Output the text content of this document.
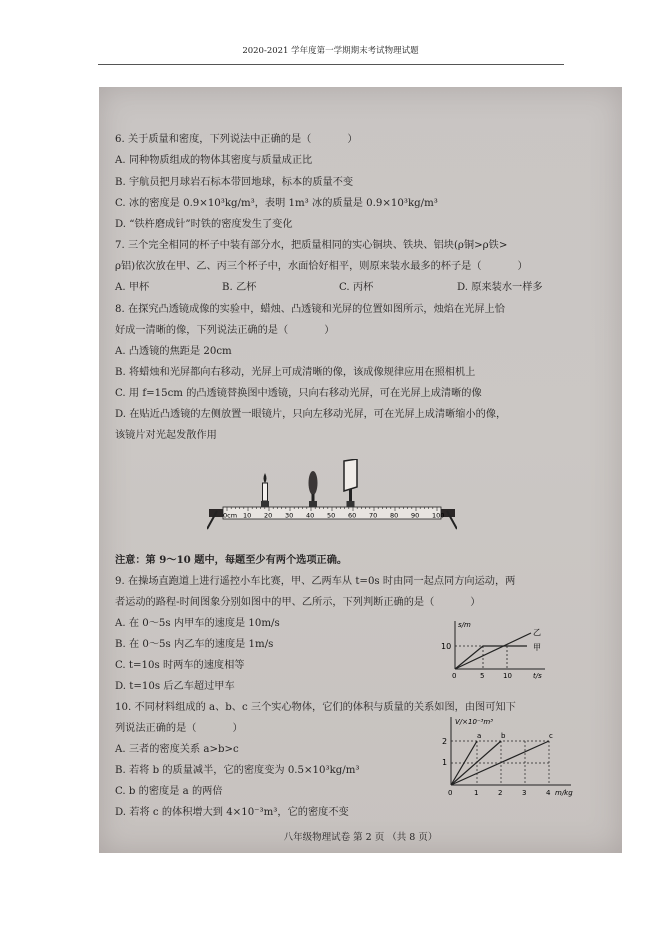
2020-2021 学年度第一学期期末考试物理试题
6. 关于质量和密度，下列说法中正确的是（	）
A. 同种物质组成的物体其密度与质量成正比
B. 宇航员把月球岩石标本带回地球，标本的质量不变
C. 冰的密度是 0.9×10³kg/m³，表明 1m³ 冰的质量是 0.9×10³kg/m³
D. “铁杵磨成针”时铁的密度发生了变化
7. 三个完全相同的杯子中装有部分水，把质量相同的实心铜块、铁块、铝块(ρ铜>ρ铁>
ρ铝)依次放在甲、乙、丙三个杯子中，水面恰好相平，则原来装水最多的杯子是（	）
A. 甲杯	B. 乙杯	C. 丙杯	D. 原来装水一样多
8. 在探究凸透镜成像的实验中，蜡烛、凸透镜和光屏的位置如图所示，烛焰在光屏上恰
好成一清晰的像，下列说法正确的是（	）
A. 凸透镜的焦距是 20cm
B. 将蜡烛和光屏都向右移动，光屏上可成清晰的像，该成像规律应用在照相机上
C. 用 f=15cm 的凸透镜替换图中透镜，只向右移动光屏，可在光屏上成清晰的像
D. 在贴近凸透镜的左侧放置一眼镜片，只向左移动光屏，可在光屏上成清晰缩小的像，
该镜片对光起发散作用
0cm 10 20 30 40 50 60 70 80 90 100
注意：第 9～10 题中，每题至少有两个选项正确。
9. 在操场直跑道上进行遥控小车比赛，甲、乙两车从 t=0s 时由同一起点同方向运动，两
者运动的路程-时间图象分别如图中的甲、乙所示，下列判断正确的是（	）
A. 在 0～5s 内甲车的速度是 10m/s
B. 在 0～5s 内乙车的速度是 1m/s
C. t=10s 时两车的速度相等
D. t=10s 后乙车超过甲车
s/m
t/s
10
0	5	10
乙
甲
10. 不同材料组成的 a、b、c 三个实心物体，它们的体积与质量的关系如图，由图可知下
列说法正确的是（	）
A. 三者的密度关系 a>b>c
B. 若将 b 的质量减半，它的密度变为 0.5×10³kg/m³
C. b 的密度是 a 的两倍
D. 若将 c 的体积增大到 4×10⁻³m³，它的密度不变
V/×10⁻³m³
m/kg
1
2
0	1	2	3	4
a	b	c
八年级物理试卷 第 2 页 （共 8 页）
